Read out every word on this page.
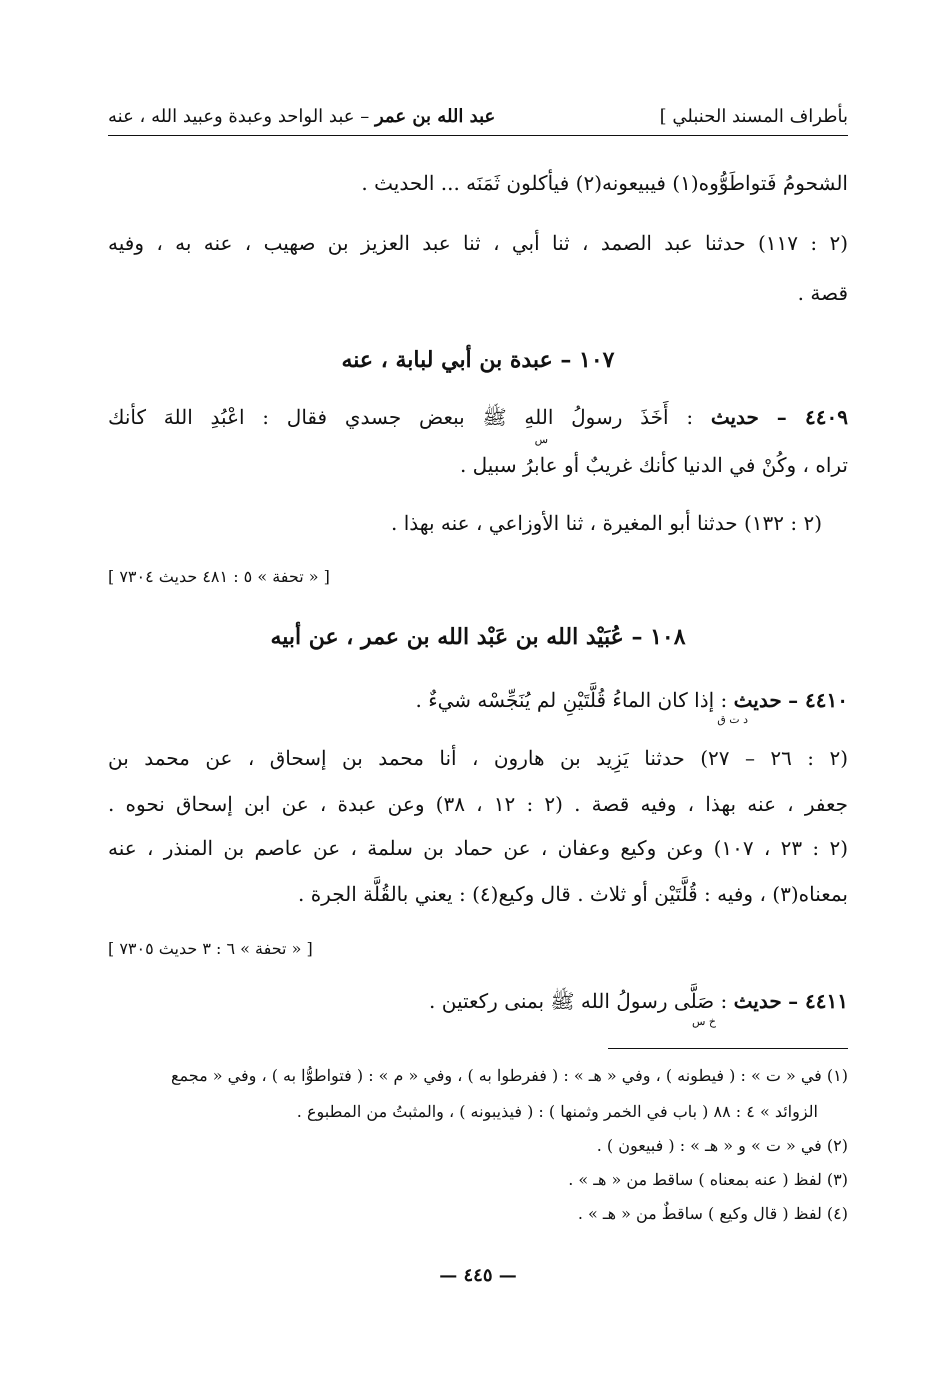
بأطراف المسند الحنبلي ]
عبد الله بن عمر – عبد الواحد وعبدة وعبيد الله ، عنه
الشحومُ فَتواطَوُّوه(١) فيبيعونه(٢) فيأكلون ثَمَنَه ... الحديث .
(٢ : ١١٧) حدثنا عبد الصمد ، ثنا أبي ، ثنا عبد العزيز بن صهيب ، عنه به ، وفيه
قصة .
١٠٧ – عبدة بن أبي لبابة ، عنه
٤٤٠٩ – حديث : أَخَذَ رسولُ اللهِ ﷺ ببعض جسدي فقال : اعْبُدِ اللهَ كأنك
س
تراه ، وكُنْ في الدنيا كأنك غريبٌ أو عابرُ سبيل .
(٢ : ١٣٢) حدثنا أبو المغيرة ، ثنا الأوزاعي ، عنه بهذا .
[ « تحفة » ٥ : ٤٨١ حديث ٧٣٠٤ ]
١٠٨ – عُبَيْد الله بن عَبْد الله بن عمر ، عن أبيه
٤٤١٠ – حديث : إذا كان الماءُ قُلَّتَيْنِ لم يُنَجِّسْه شيءٌ .
د ت ق
(٢ : ٢٦ – ٢٧) حدثنا يَزِيد بن هارون ، أنا محمد بن إسحاق ، عن محمد بن
جعفر ، عنه بهذا ، وفيه قصة . (٢ : ١٢ ، ٣٨) وعن عبدة ، عن ابن إسحاق نحوه .
(٢ : ٢٣ ، ١٠٧) وعن وكيع وعفان ، عن حماد بن سلمة ، عن عاصم بن المنذر ، عنه
بمعناه(٣) ، وفيه : قُلَّتَيْن أو ثلاث . قال وكيع(٤) : يعني بالقُلَّة الجرة .
[ « تحفة » ٦ : ٣ حديث ٧٣٠٥ ]
٤٤١١ – حديث : صَلَّى رسولُ الله ﷺ بمنى ركعتين .
خ س
(١) في « ت » : ( فيطونه ) ، وفي « هـ » : ( ففرطوا به ) ، وفي « م » : ( فتواطوُّا به ) ، وفي « مجمع
الزوائد » ٤ : ٨٨ ( باب في الخمر وثمنها ) : ( فيذيبونه ) ، والمثبتُ من المطبوع .
(٢) في « ت » و « هـ » : ( فبيعون ) .
(٣) لفظ ( عنه بمعناه ) ساقط من « هـ » .
(٤) لفظ ( قال وكيع ) ساقطٌ من « هـ » .
— ٤٤٥ —
